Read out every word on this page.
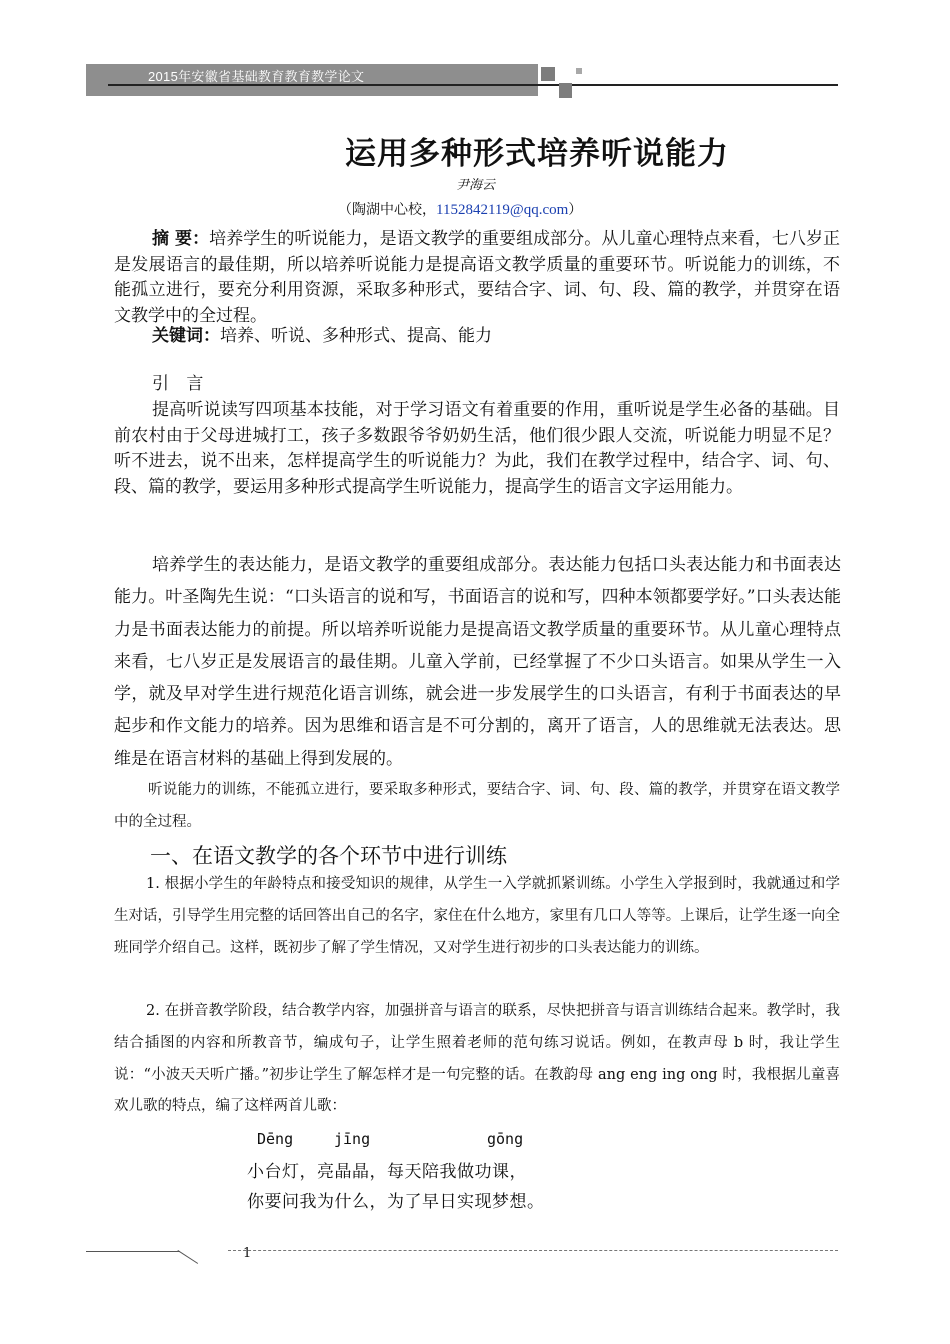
2015年安徽省基础教育教育教学论文
运用多种形式培养听说能力
尹海云
（陶湖中心校，1152842119@qq.com）
摘 要：培养学生的听说能力，是语文教学的重要组成部分。从儿童心理特点来看，七八岁正是发展语言的最佳期，所以培养听说能力是提高语文教学质量的重要环节。听说能力的训练，不能孤立进行，要充分利用资源，采取多种形式，要结合字、词、句、段、篇的教学，并贯穿在语文教学中的全过程。
关键词：培养、听说、多种形式、提高、能力
引 言
提高听说读写四项基本技能，对于学习语文有着重要的作用，重听说是学生必备的基础。目前农村由于父母进城打工，孩子多数跟爷爷奶奶生活，他们很少跟人交流，听说能力明显不足？听不进去，说不出来，怎样提高学生的听说能力？为此，我们在教学过程中，结合字、词、句、段、篇的教学，要运用多种形式提高学生听说能力，提高学生的语言文字运用能力。
培养学生的表达能力，是语文教学的重要组成部分。表达能力包括口头表达能力和书面表达能力。叶圣陶先生说：“口头语言的说和写，书面语言的说和写，四种本领都要学好。”口头表达能力是书面表达能力的前提。所以培养听说能力是提高语文教学质量的重要环节。从儿童心理特点来看，七八岁正是发展语言的最佳期。儿童入学前，已经掌握了不少口头语言。如果从学生一入学，就及早对学生进行规范化语言训练，就会进一步发展学生的口头语言，有利于书面表达的早起步和作文能力的培养。因为思维和语言是不可分割的，离开了语言，人的思维就无法表达。思维是在语言材料的基础上得到发展的。
听说能力的训练，不能孤立进行，要采取多种形式，要结合字、词、句、段、篇的教学，并贯穿在语文教学中的全过程。
一、在语文教学的各个环节中进行训练
1. 根据小学生的年龄特点和接受知识的规律，从学生一入学就抓紧训练。小学生入学报到时，我就通过和学生对话，引导学生用完整的话回答出自己的名字，家住在什么地方，家里有几口人等等。上课后，让学生逐一向全班同学介绍自己。这样，既初步了解了学生情况，又对学生进行初步的口头表达能力的训练。
2. 在拼音教学阶段，结合教学内容，加强拼音与语言的联系，尽快把拼音与语言训练结合起来。教学时，我结合插图的内容和所教音节，编成句子，让学生照着老师的范句练习说话。例如，在教声母 b 时，我让学生说：“小波天天听广播。”初步让学生了解怎样才是一句完整的话。在教韵母 ang eng ing ong 时，我根据儿童喜欢儿歌的特点，编了这样两首儿歌：
Dēng	jīng	gōng
小台灯，亮晶晶，每天陪我做功课，
你要问我为什么，为了早日实现梦想。
1
